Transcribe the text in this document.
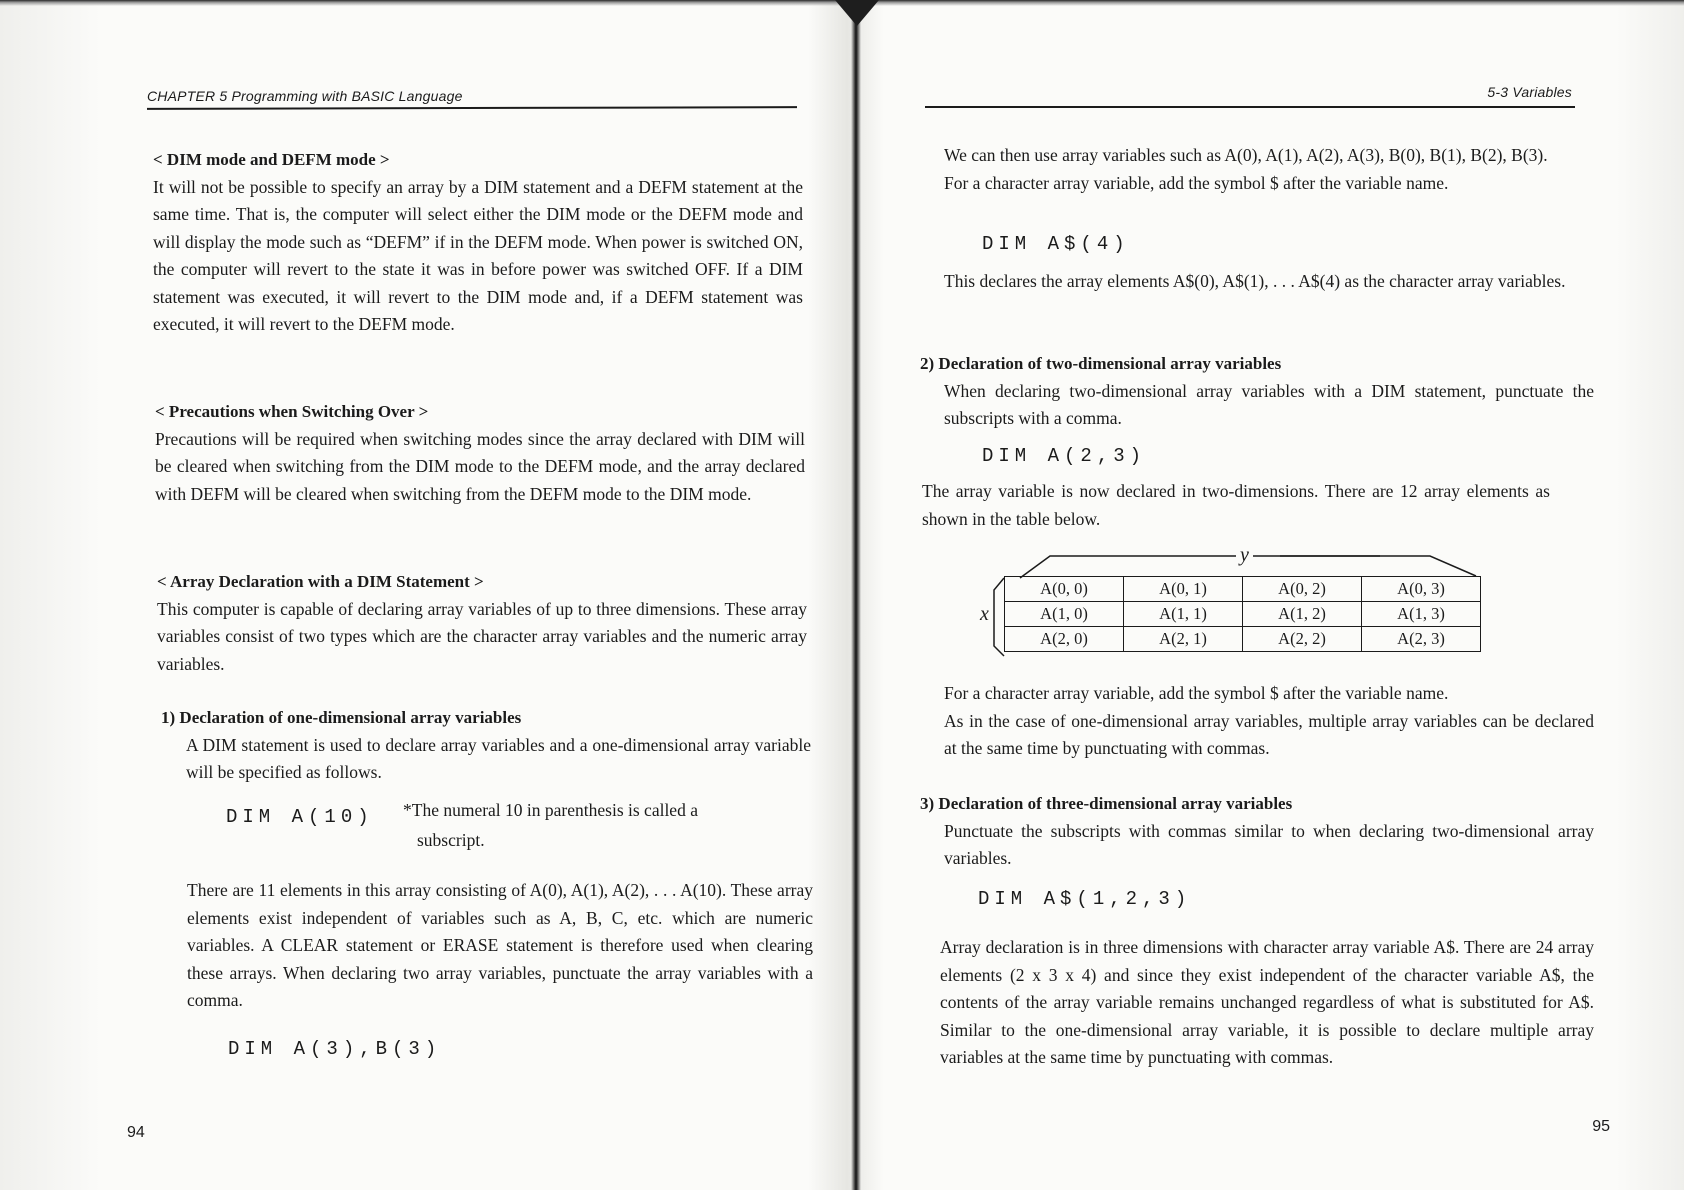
CHAPTER 5 Programming with BASIC Language

< DIM mode and DEFM mode >

It will not be possible to specify an array by a DIM statement and a DEFM statement at the same time. That is, the computer will select either the DIM mode or the DEFM mode and will display the mode such as “DEFM” if in the DEFM mode. When power is switched ON, the computer will revert to the state it was in before power was switched OFF. If a DIM statement was executed, it will revert to the DIM mode and, if a DEFM statement was executed, it will revert to the DEFM mode.

< Precautions when Switching Over >

Precautions will be required when switching modes since the array declared with DIM will be cleared when switching from the DIM mode to the DEFM mode, and the array declared with DEFM will be cleared when switching from the DEFM mode to the DIM mode.

< Array Declaration with a DIM Statement >

This computer is capable of declaring array variables of up to three dimensions. These array variables consist of two types which are the character array variables and the numeric array variables.

1) Declaration of one-dimensional array variables

A DIM statement is used to declare array variables and a one-dimensional array variable will be specified as follows.

DIM A(10) *The numeral 10 in parenthesis is called a
subscript.

There are 11 elements in this array consisting of A(0), A(1), A(2), . . . A(10). These array elements exist independent of variables such as A, B, C, etc. which are numeric variables. A CLEAR statement or ERASE statement is therefore used when clearing these arrays. When declaring two array variables, punctuate the array variables with a comma.

DIM A(3),B(3)
94
5-3 Variables

We can then use array variables such as A(0), A(1), A(2), A(3), B(0), B(1), B(2), B(3).

For a character array variable, add the symbol $ after the variable name.

DIM A$(4)

This declares the array elements A$(0), A$(1), . . . A$(4) as the character array variables.

2) Declaration of two-dimensional array variables

When declaring two-dimensional array variables with a DIM statement, punctuate the subscripts with a comma.

DIM A(2,3)

The array variable is now declared in two-dimensions. There are 12 array elements as shown in the table below.

y
x
A(0, 0)	A(0, 1)	A(0, 2)	A(0, 3)
A(1, 0)	A(1, 1)	A(1, 2)	A(1, 3)
A(2, 0)	A(2, 1)	A(2, 2)	A(2, 3)

For a character array variable, add the symbol $ after the variable name.

As in the case of one-dimensional array variables, multiple array variables can be declared at the same time by punctuating with commas.

3) Declaration of three-dimensional array variables

Punctuate the subscripts with commas similar to when declaring two-dimensional array variables.

DIM A$(1,2,3)

Array declaration is in three dimensions with character array variable A$. There are 24 array elements (2 x 3 x 4) and since they exist independent of the character variable A$, the contents of the array variable remains unchanged regardless of what is substituted for A$. Similar to the one-dimensional array variable, it is possible to declare multiple array variables at the same time by punctuating with commas.

95
